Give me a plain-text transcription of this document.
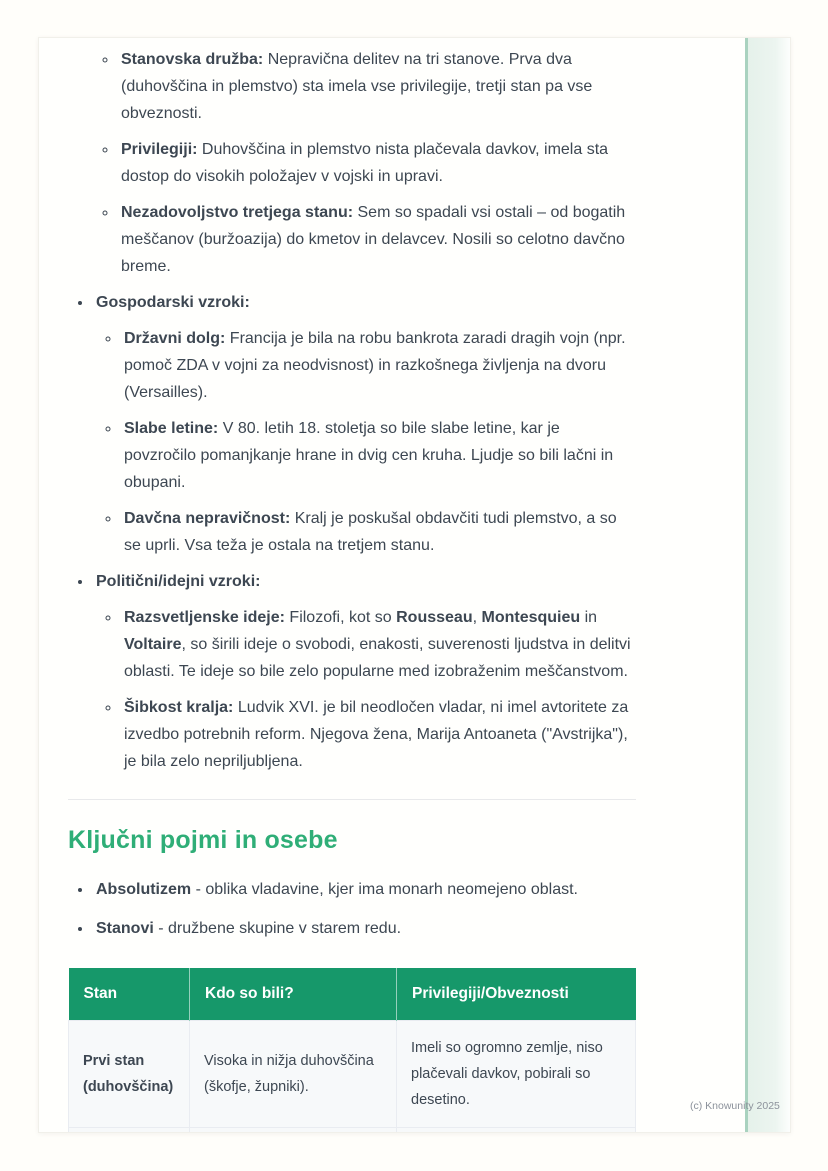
◦ Stanovska družba: Nepravična delitev na tri stanove. Prva dva (duhovščina in plemstvo) sta imela vse privilegije, tretji stan pa vse obveznosti.
◦ Privilegiji: Duhovščina in plemstvo nista plačevala davkov, imela sta dostop do visokih položajev v vojski in upravi.
◦ Nezadovoljstvo tretjega stanu: Sem so spadali vsi ostali – od bogatih meščanov (buržoazija) do kmetov in delavcev. Nosili so celotno davčno breme.
• Gospodarski vzroki:
◦ Državni dolg: Francija je bila na robu bankrota zaradi dragih vojn (npr. pomoč ZDA v vojni za neodvisnost) in razkošnega življenja na dvoru (Versailles).
◦ Slabe letine: V 80. letih 18. stoletja so bile slabe letine, kar je povzročilo pomanjkanje hrane in dvig cen kruha. Ljudje so bili lačni in obupani.
◦ Davčna nepravičnost: Kralj je poskušal obdavčiti tudi plemstvo, a so se uprli. Vsa teža je ostala na tretjem stanu.
• Politični/idejni vzroki:
◦ Razsvetljenske ideje: Filozofi, kot so Rousseau, Montesquieu in Voltaire, so širili ideje o svobodi, enakosti, suverenosti ljudstva in delitvi oblasti. Te ideje so bile zelo popularne med izobraženim meščanstvom.
◦ Šibkost kralja: Ludvik XVI. je bil neodločen vladar, ni imel avtoritete za izvedbo potrebnih reform. Njegova žena, Marija Antoaneta ("Avstrijka"), je bila zelo nepriljubljena.
Ključni pojmi in osebe
• Absolutizem - oblika vladavine, kjer ima monarh neomejeno oblast.
• Stanovi - družbene skupine v starem redu.
Stan	Kdo so bili?	Privilegiji/Obveznosti
Prvi stan (duhovščina)	Visoka in nižja duhovščina (škofje, župniki).	Imeli so ogromno zemlje, niso plačevali davkov, pobirali so desetino.
			(c) Knowunity 2025
